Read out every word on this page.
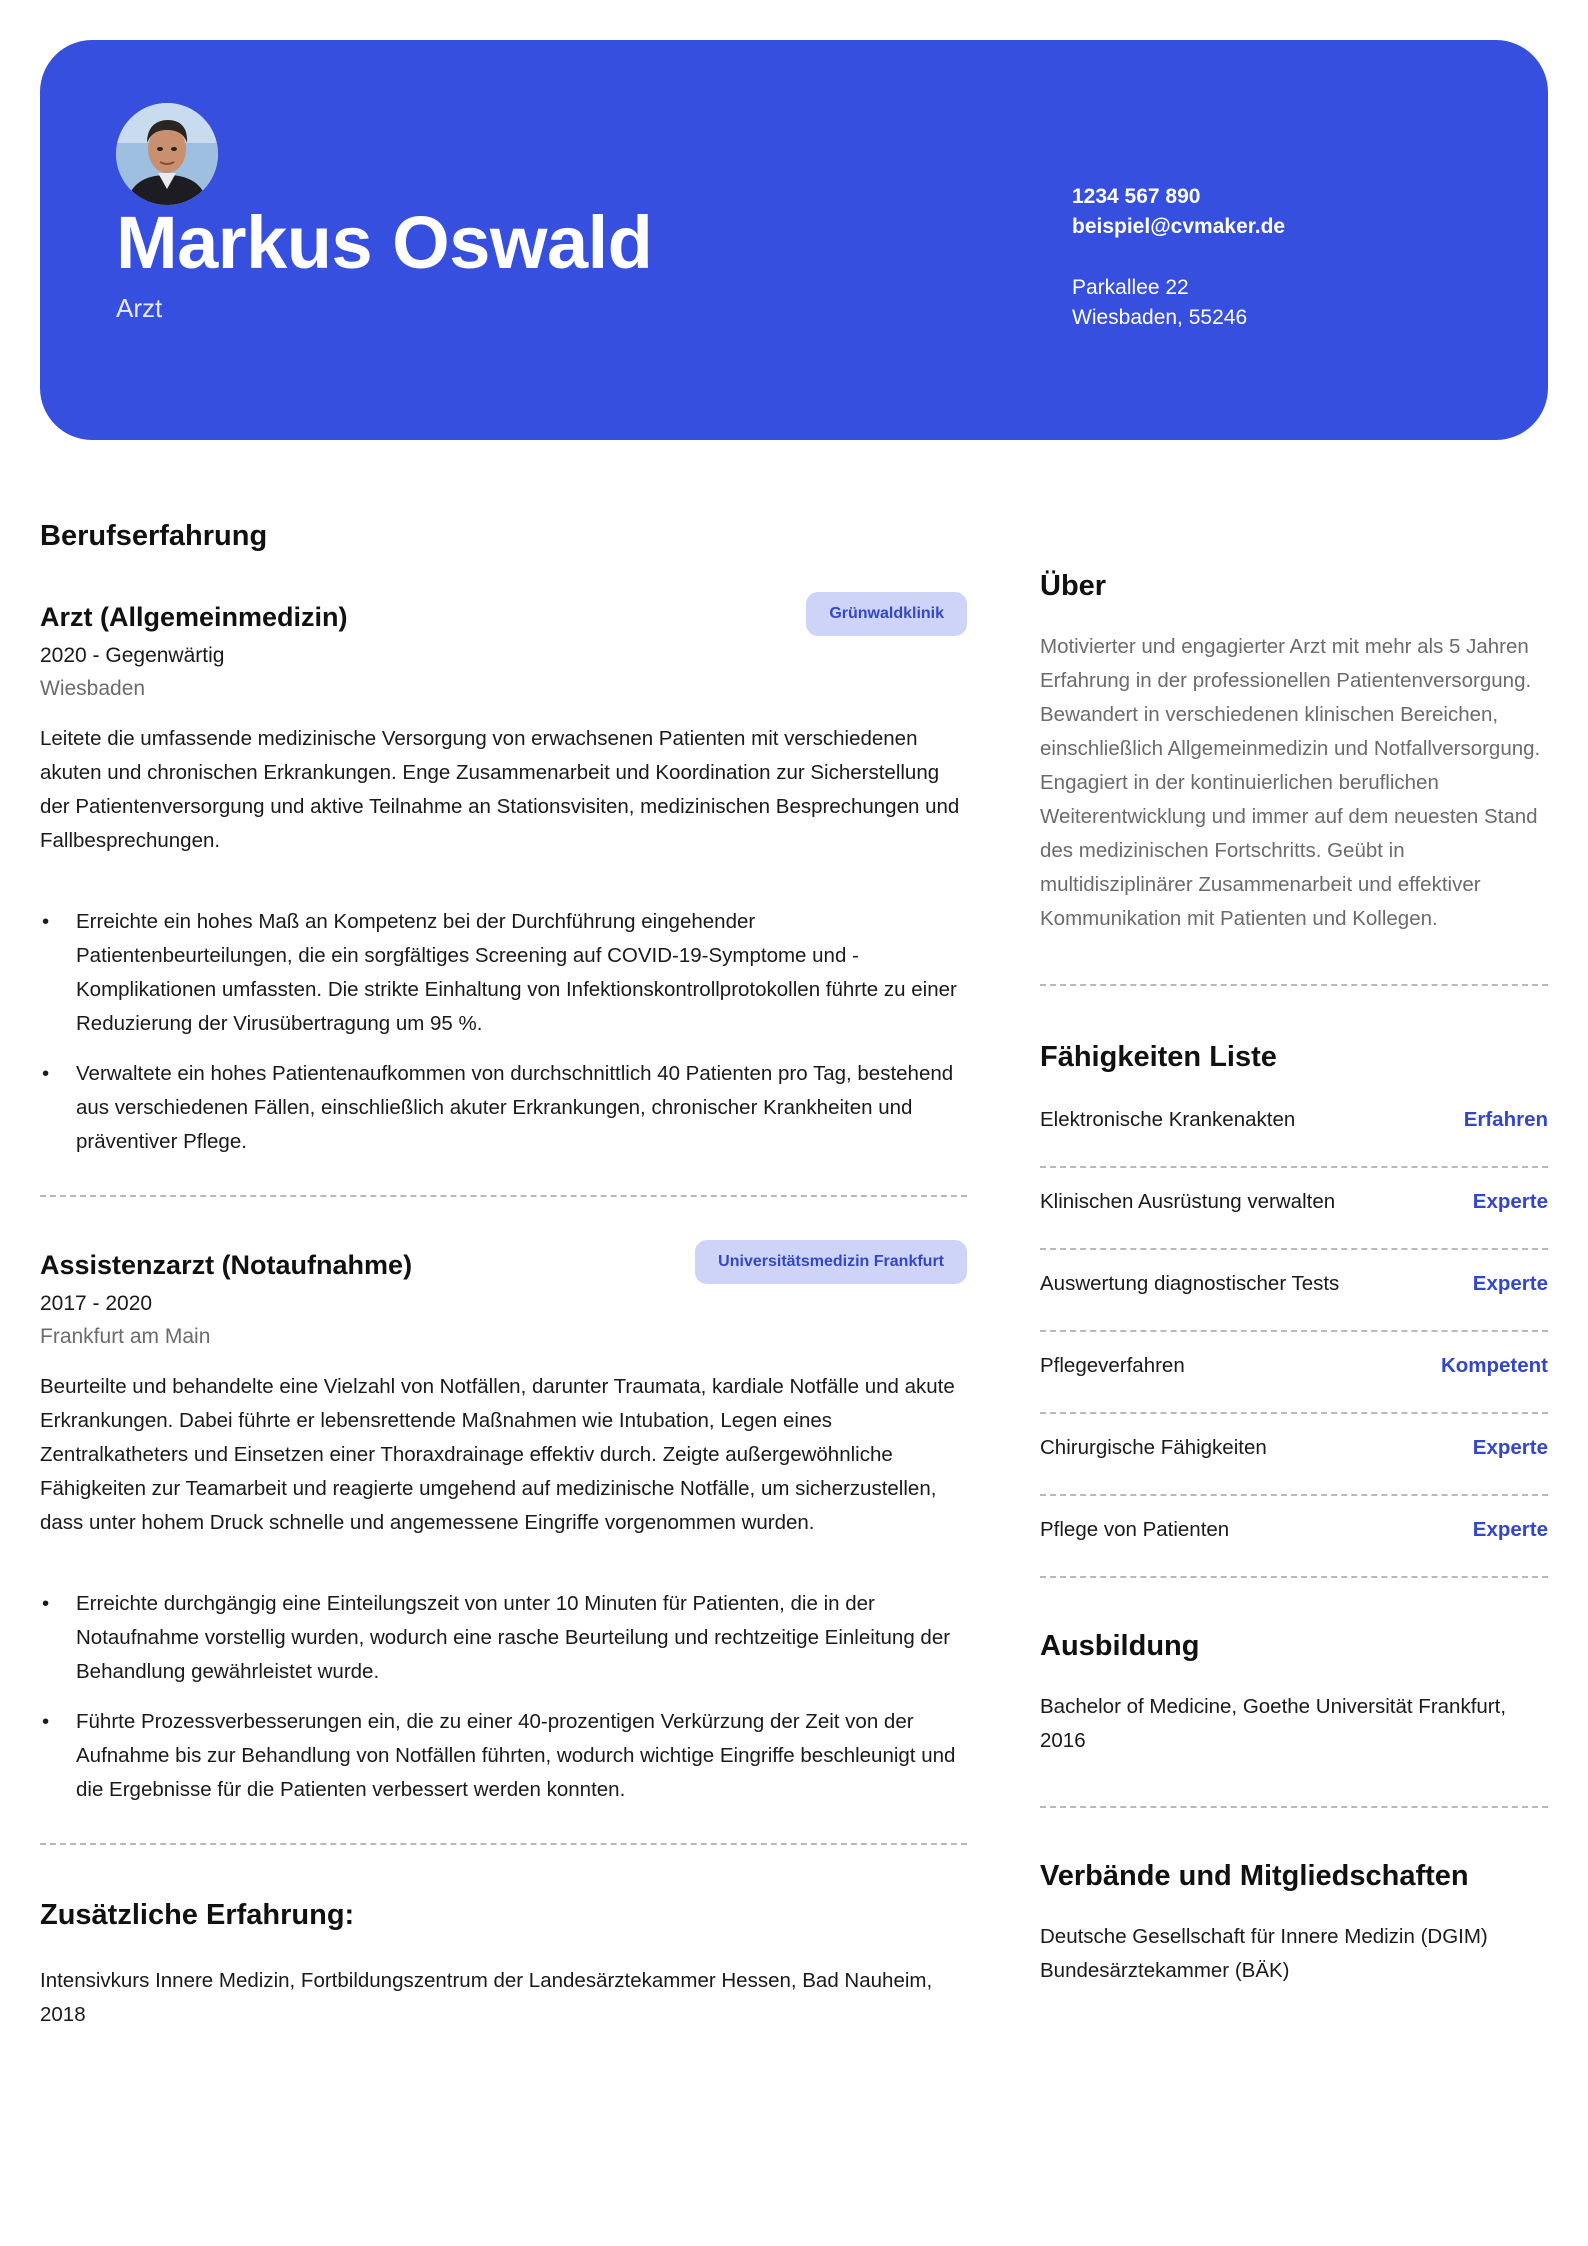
Markus Oswald
Arzt
1234 567 890
beispiel@cvmaker.de
Parkallee 22
Wiesbaden, 55246
Berufserfahrung
Grünwaldklinik
Arzt (Allgemeinmedizin)
2020 - Gegenwärtig
Wiesbaden
Leitete die umfassende medizinische Versorgung von erwachsenen Patienten mit verschiedenen akuten und chronischen Erkrankungen. Enge Zusammenarbeit und Koordination zur Sicherstellung der Patientenversorgung und aktive Teilnahme an Stationsvisiten, medizinischen Besprechungen und Fallbesprechungen.
• Erreichte ein hohes Maß an Kompetenz bei der Durchführung eingehender Patientenbeurteilungen, die ein sorgfältiges Screening auf COVID-19-Symptome und -Komplikationen umfassten. Die strikte Einhaltung von Infektionskontrollprotokollen führte zu einer Reduzierung der Virusübertragung um 95 %.
• Verwaltete ein hohes Patientenaufkommen von durchschnittlich 40 Patienten pro Tag, bestehend aus verschiedenen Fällen, einschließlich akuter Erkrankungen, chronischer Krankheiten und präventiver Pflege.
Universitätsmedizin Frankfurt
Assistenzarzt (Notaufnahme)
2017 - 2020
Frankfurt am Main
Beurteilte und behandelte eine Vielzahl von Notfällen, darunter Traumata, kardiale Notfälle und akute Erkrankungen. Dabei führte er lebensrettende Maßnahmen wie Intubation, Legen eines Zentralkatheters und Einsetzen einer Thoraxdrainage effektiv durch. Zeigte außergewöhnliche Fähigkeiten zur Teamarbeit und reagierte umgehend auf medizinische Notfälle, um sicherzustellen, dass unter hohem Druck schnelle und angemessene Eingriffe vorgenommen wurden.
• Erreichte durchgängig eine Einteilungszeit von unter 10 Minuten für Patienten, die in der Notaufnahme vorstellig wurden, wodurch eine rasche Beurteilung und rechtzeitige Einleitung der Behandlung gewährleistet wurde.
• Führte Prozessverbesserungen ein, die zu einer 40-prozentigen Verkürzung der Zeit von der Aufnahme bis zur Behandlung von Notfällen führten, wodurch wichtige Eingriffe beschleunigt und die Ergebnisse für die Patienten verbessert werden konnten.
Zusätzliche Erfahrung:
Intensivkurs Innere Medizin, Fortbildungszentrum der Landesärztekammer Hessen, Bad Nauheim, 2018
Über
Motivierter und engagierter Arzt mit mehr als 5 Jahren Erfahrung in der professionellen Patientenversorgung. Bewandert in verschiedenen klinischen Bereichen, einschließlich Allgemeinmedizin und Notfallversorgung. Engagiert in der kontinuierlichen beruflichen Weiterentwicklung und immer auf dem neuesten Stand des medizinischen Fortschritts. Geübt in multidisziplinärer Zusammenarbeit und effektiver Kommunikation mit Patienten und Kollegen.
Fähigkeiten Liste
Elektronische Krankenakten	Erfahren
Klinischen Ausrüstung verwalten	Experte
Auswertung diagnostischer Tests	Experte
Pflegeverfahren	Kompetent
Chirurgische Fähigkeiten	Experte
Pflege von Patienten	Experte
Ausbildung
Bachelor of Medicine, Goethe Universität Frankfurt, 2016
Verbände und Mitgliedschaften
Deutsche Gesellschaft für Innere Medizin (DGIM)
Bundesärztekammer (BÄK)
